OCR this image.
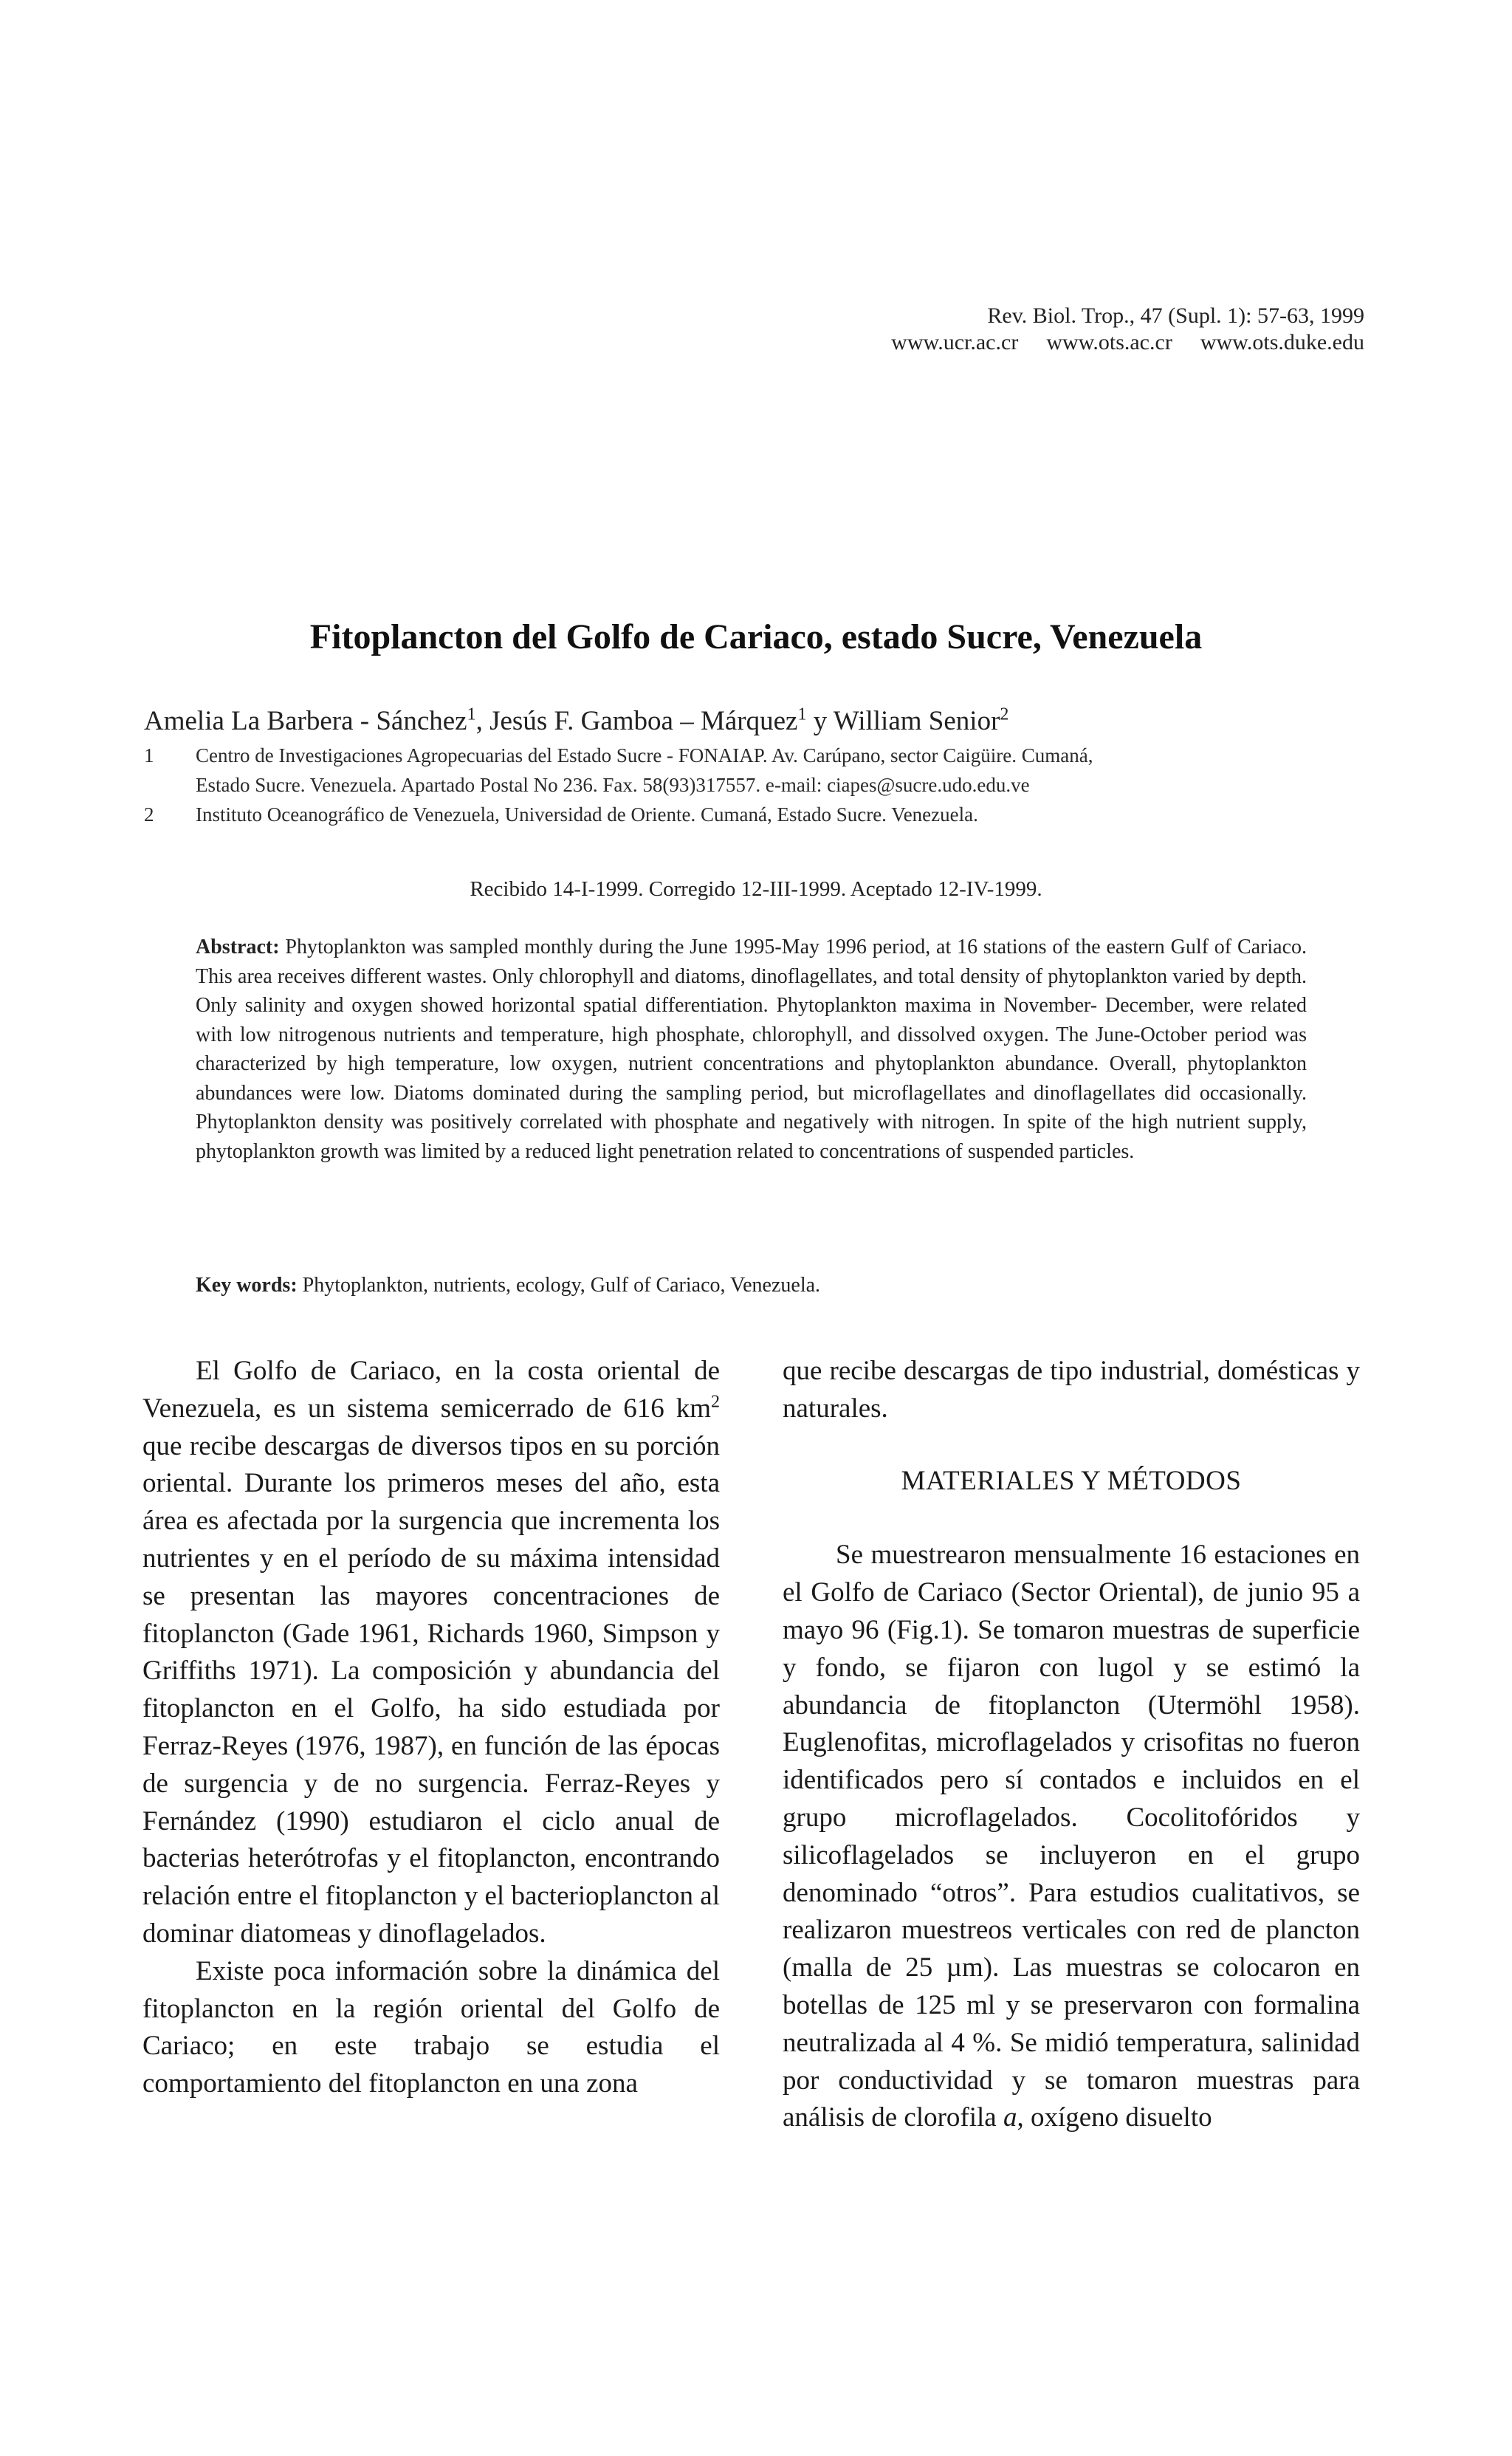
Rev. Biol. Trop., 47 (Supl. 1): 57-63, 1999
www.ucr.ac.cr www.ots.ac.cr www.ots.duke.edu
Fitoplancton del Golfo de Cariaco, estado Sucre, Venezuela
Amelia La Barbera - Sánchez$^1$, Jesús F. Gamboa – Márquez$^1$ y William Senior$^2$
1 Centro de Investigaciones Agropecuarias del Estado Sucre - FONAIAP. Av. Carúpano, sector Caigüire. Cumaná,
Estado Sucre. Venezuela. Apartado Postal No 236. Fax. 58(93)317557. e-mail: ciapes@sucre.udo.edu.ve
2 Instituto Oceanográfico de Venezuela, Universidad de Oriente. Cumaná, Estado Sucre. Venezuela.
Recibido 14-I-1999. Corregido 12-III-1999. Aceptado 12-IV-1999.
Abstract: Phytoplankton was sampled monthly during the June 1995-May 1996 period, at 16 stations of the eastern Gulf of Cariaco. This area receives different wastes. Only chlorophyll and diatoms, dinoflagellates, and total density of phytoplankton varied by depth. Only salinity and oxygen showed horizontal spatial differentiation. Phytoplankton maxima in November- December, were related with low nitrogenous nutrients and temperature, high phosphate, chlorophyll, and dissolved oxygen. The June-October period was characterized by high temperature, low oxygen, nutrient concentrations and phytoplankton abundance. Overall, phytoplankton abundances were low. Diatoms dominated during the sampling period, but microflagellates and dinoflagellates did occasionally. Phytoplankton density was positively correlated with phosphate and negatively with nitrogen. In spite of the high nutrient supply, phytoplankton growth was limited by a reduced light penetration related to concentrations of suspended particles.
Key words: Phytoplankton, nutrients, ecology, Gulf of Cariaco, Venezuela.

El Golfo de Cariaco, en la costa oriental de Venezuela, es un sistema semicerrado de 616 $km^2$ que recibe descargas de diversos tipos en su porción oriental. Durante los primeros meses del año, esta área es afectada por la surgencia que incrementa los nutrientes y en el período de su máxima intensidad se presentan las mayores concentraciones de fitoplancton (Gade 1961, Richards 1960, Simpson y Griffiths 1971). La composición y abundancia del fitoplancton en el Golfo, ha sido estudiada por Ferraz-Reyes (1976, 1987), en función de las épocas de surgencia y de no surgencia. Ferraz-Reyes y Fernández (1990) estudiaron el ciclo anual de bacterias heterótrofas y el fitoplancton, encontrando relación entre el fitoplancton y el bacterioplancton al dominar diatomeas y dinoflagelados.

Existe poca información sobre la dinámica del fitoplancton en la región oriental del Golfo de Cariaco; en este trabajo se estudia el comportamiento del fitoplancton en una zona

que recibe descargas de tipo industrial, domésticas y naturales.

MATERIALES Y MÉTODOS

Se muestrearon mensualmente 16 estaciones en el Golfo de Cariaco (Sector Oriental), de junio 95 a mayo 96 (Fig.1). Se tomaron muestras de superficie y fondo, se fijaron con lugol y se estimó la abundancia de fitoplancton (Utermöhl 1958). Euglenofitas, microflagelados y crisofitas no fueron identificados pero sí contados e incluidos en el grupo microflagelados. Cocolitofóridos y silicoflagelados se incluyeron en el grupo denominado “otros”. Para estudios cualitativos, se realizaron muestreos verticales con red de plancton (malla de 25 µm). Las muestras se colocaron en botellas de 125 ml y se preservaron con formalina neutralizada al 4 %. Se midió temperatura, salinidad por conductividad y se tomaron muestras para análisis de clorofila a, oxígeno disuelto
